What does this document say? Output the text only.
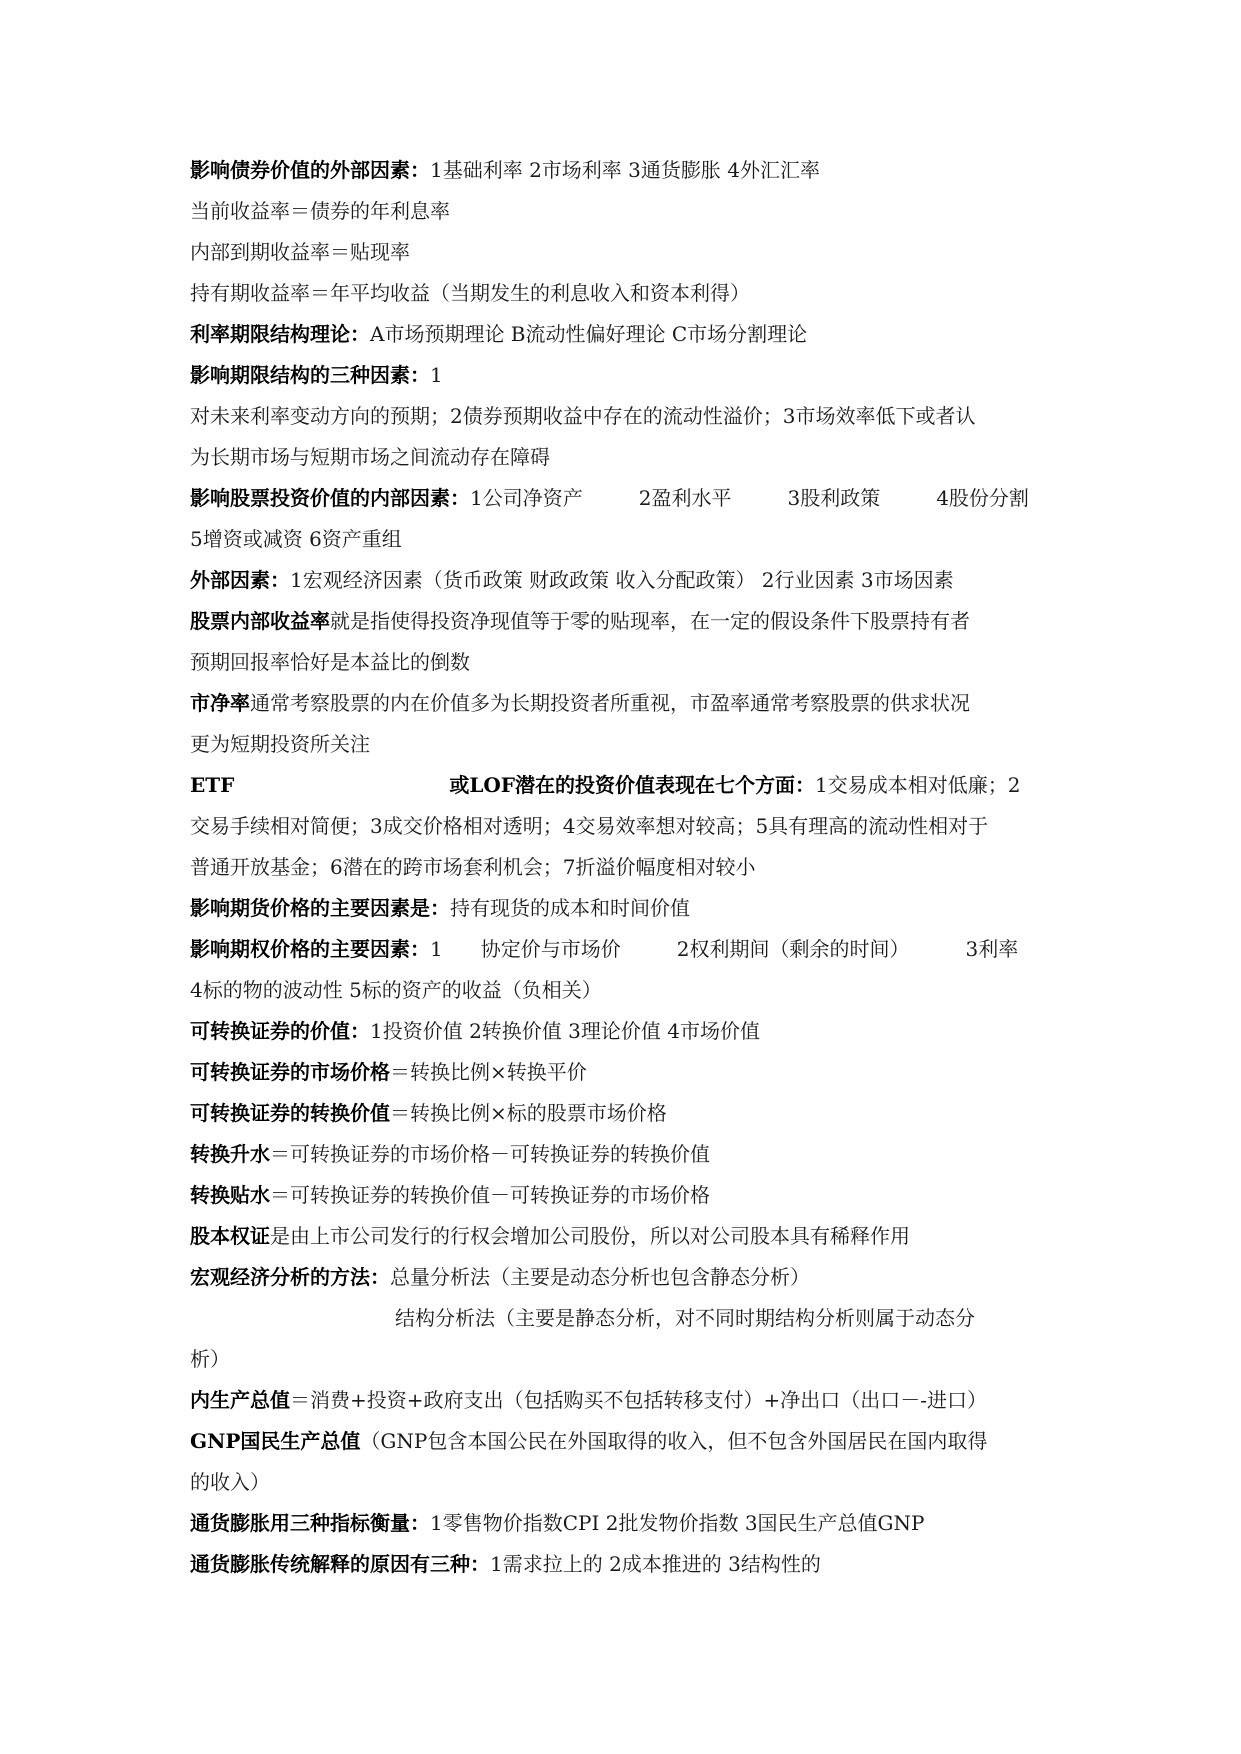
影响债券价值的外部因素：1基础利率 2市场利率 3通货膨胀 4外汇汇率
当前收益率＝债券的年利息率
内部到期收益率＝贴现率
持有期收益率＝年平均收益（当期发生的利息收入和资本利得）
利率期限结构理论：A市场预期理论 B流动性偏好理论 C市场分割理论
影响期限结构的三种因素：1
对未来利率变动方向的预期；2债券预期收益中存在的流动性溢价；3市场效率低下或者认
为长期市场与短期市场之间流动存在障碍
影响股票投资价值的内部因素：1公司净资产	2盈利水平	3股利政策	4股份分割
5增资或减资 6资产重组
外部因素：1宏观经济因素（货币政策 财政政策 收入分配政策） 2行业因素 3市场因素
股票内部收益率就是指使得投资净现值等于零的贴现率，在一定的假设条件下股票持有者
预期回报率恰好是本益比的倒数
市净率通常考察股票的内在价值多为长期投资者所重视，市盈率通常考察股票的供求状况
更为短期投资所关注
ETF	或LOF潜在的投资价值表现在七个方面：1交易成本相对低廉；2
交易手续相对简便；3成交价格相对透明；4交易效率想对较高；5具有理高的流动性相对于
普通开放基金；6潜在的跨市场套利机会；7折溢价幅度相对较小
影响期货价格的主要因素是：持有现货的成本和时间价值
影响期权价格的主要因素：1 协定价与市场价	2权利期间（剩余的时间）	3利率
4标的物的波动性 5标的资产的收益（负相关）
可转换证券的价值：1投资价值 2转换价值 3理论价值 4市场价值
可转换证券的市场价格＝转换比例×转换平价
可转换证券的转换价值＝转换比例×标的股票市场价格
转换升水＝可转换证券的市场价格－可转换证券的转换价值
转换贴水＝可转换证券的转换价值－可转换证券的市场价格
股本权证是由上市公司发行的行权会增加公司股份，所以对公司股本具有稀释作用
宏观经济分析的方法：总量分析法（主要是动态分析也包含静态分析）
结构分析法（主要是静态分析，对不同时期结构分析则属于动态分
析）
内生产总值＝消费+投资+政府支出（包括购买不包括转移支付）+净出口（出口－-进口）
GNP国民生产总值（GNP包含本国公民在外国取得的收入，但不包含外国居民在国内取得
的收入）
通货膨胀用三种指标衡量：1零售物价指数CPI 2批发物价指数 3国民生产总值GNP
通货膨胀传统解释的原因有三种：1需求拉上的 2成本推进的 3结构性的
